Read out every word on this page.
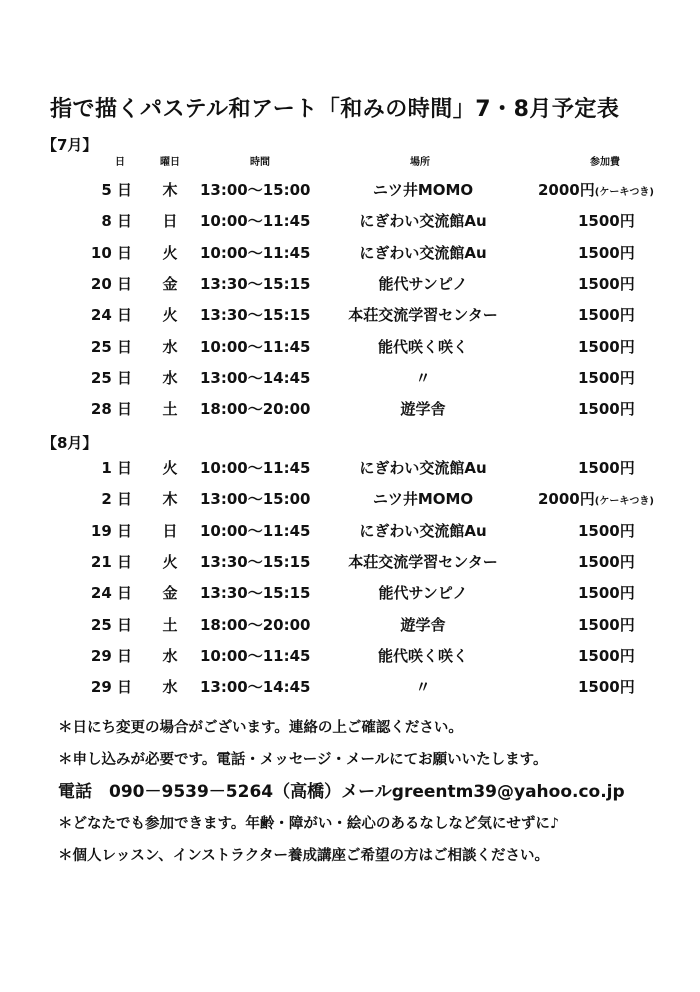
指で描くパステル和アート「和みの時間」7・8月予定表
【7月】
日	曜日	時間	場所	参加費
5 日	木	13:00～15:00	ニツ井MOMO	2000円(ケーキつき)
8 日	日	10:00～11:45	にぎわい交流館Au	1500円
10 日	火	10:00～11:45	にぎわい交流館Au	1500円
20 日	金	13:30～15:15	能代サンピノ	1500円
24 日	火	13:30～15:15	本荘交流学習センター	1500円
25 日	水	10:00～11:45	能代咲く咲く	1500円
25 日	水	13:00～14:45	〃	1500円
28 日	土	18:00～20:00	遊学舎	1500円
【8月】
1 日	火	10:00～11:45	にぎわい交流館Au	1500円
2 日	木	13:00～15:00	ニツ井MOMO	2000円(ケーキつき)
19 日	日	10:00～11:45	にぎわい交流館Au	1500円
21 日	火	13:30～15:15	本荘交流学習センター	1500円
24 日	金	13:30～15:15	能代サンピノ	1500円
25 日	土	18:00～20:00	遊学舎	1500円
29 日	水	10:00～11:45	能代咲く咲く	1500円
29 日	水	13:00～14:45	〃	1500円
＊日にち変更の場合がございます。連絡の上ご確認ください。
＊申し込みが必要です。電話・メッセージ・メールにてお願いいたします。
電話　090－9539－5264（高橋）メールgreentm39@yahoo.co.jp
＊どなたでも参加できます。年齢・障がい・絵心のあるなしなど気にせずに♪
＊個人レッスン、インストラクター養成講座ご希望の方はご相談ください。
